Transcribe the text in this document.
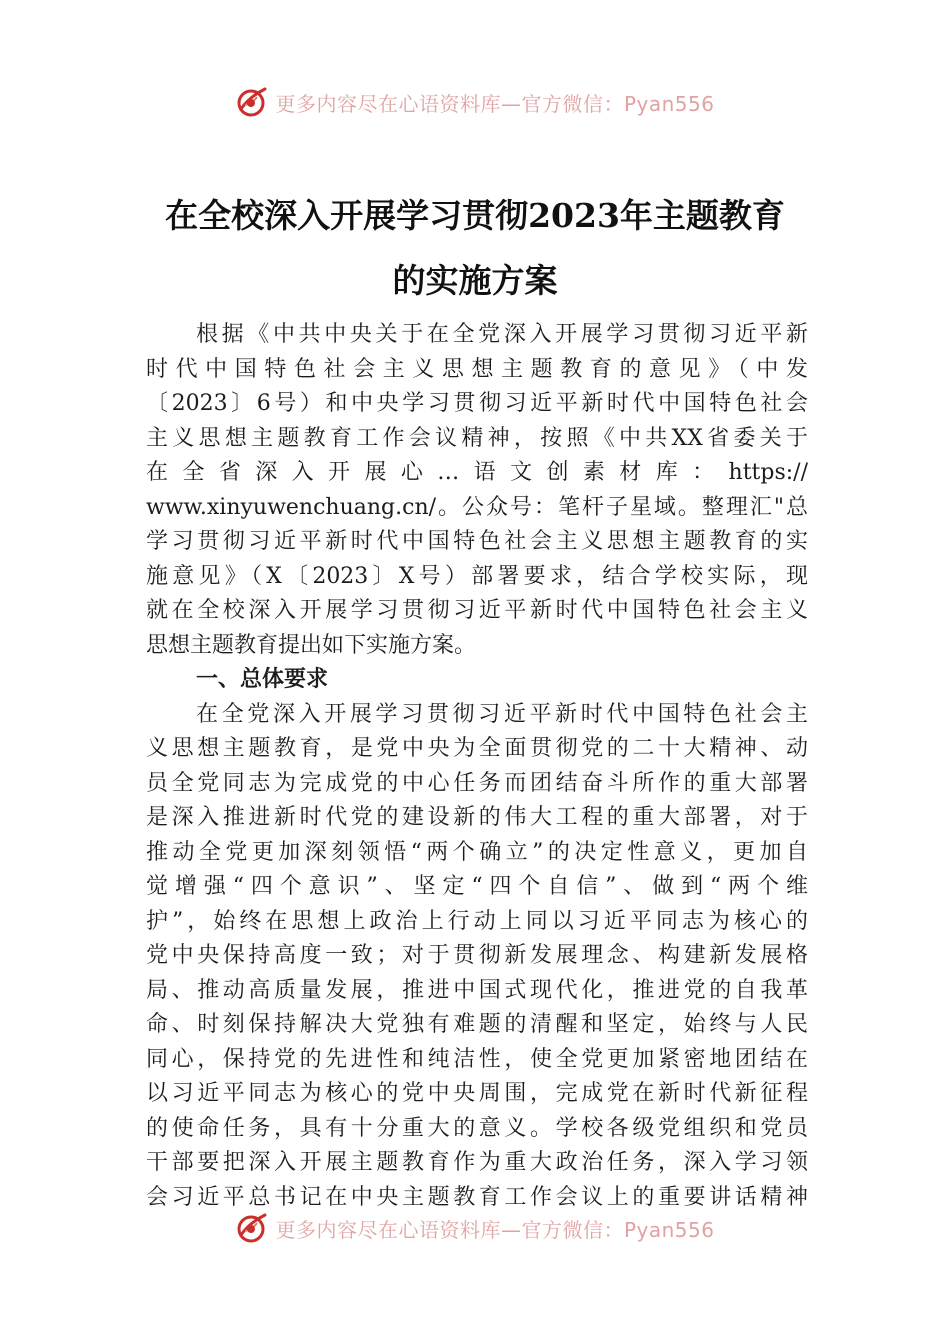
更多内容尽在心语资料库—官方微信：Pyan556
在全校深入开展学习贯彻2023年主题教育
的实施方案
根据《中共中央关于在全党深入开展学习贯彻习近平新
时代中国特色社会主义思想主题教育的意见》（中发
〔2023〕6号）和中央学习贯彻习近平新时代中国特色社会
主义思想主题教育工作会议精神，按照《中共XX省委关于
在全省深入开展心…语文创素材库：https://
www.xinyuwenchuang.cn/。公众号：笔杆子星域。整理汇"总
学习贯彻习近平新时代中国特色社会主义思想主题教育的实
施意见》（X〔2023〕X号）部署要求，结合学校实际，现
就在全校深入开展学习贯彻习近平新时代中国特色社会主义
思想主题教育提出如下实施方案。
一、总体要求
在全党深入开展学习贯彻习近平新时代中国特色社会主
义思想主题教育，是党中央为全面贯彻党的二十大精神、动
员全党同志为完成党的中心任务而团结奋斗所作的重大部署
是深入推进新时代党的建设新的伟大工程的重大部署，对于
推动全党更加深刻领悟“两个确立”的决定性意义，更加自
觉增强“四个意识”、坚定“四个自信”、做到“两个维
护”，始终在思想上政治上行动上同以习近平同志为核心的
党中央保持高度一致；对于贯彻新发展理念、构建新发展格
局、推动高质量发展，推进中国式现代化，推进党的自我革
命、时刻保持解决大党独有难题的清醒和坚定，始终与人民
同心，保持党的先进性和纯洁性，使全党更加紧密地团结在
以习近平同志为核心的党中央周围，完成党在新时代新征程
的使命任务，具有十分重大的意义。学校各级党组织和党员
干部要把深入开展主题教育作为重大政治任务，深入学习领
会习近平总书记在中央主题教育工作会议上的重要讲话精神
更多内容尽在心语资料库—官方微信：Pyan556
